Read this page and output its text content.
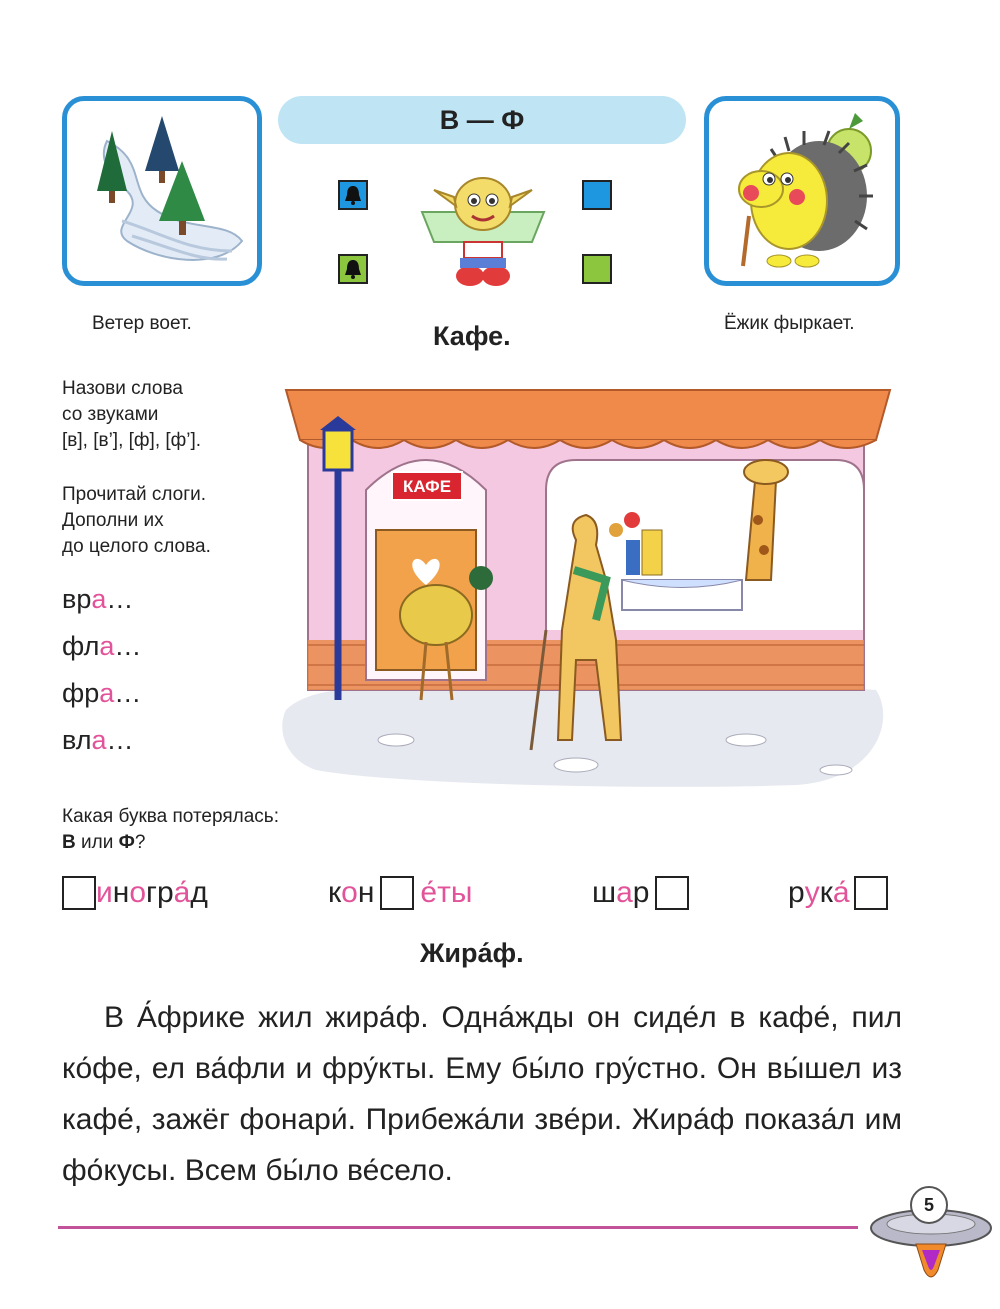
В — Ф
Ветер воет.	Ёжик фыркает.
Кафе.
Назови слова
со звуками
[в], [в’], [ф], [ф’].
Прочитай слоги.
Дополни их
до целого слова.
вра…
фла…
фра…
вла…
КАФЕ
Какая буква потерялась:
В или Ф?
и н о гр а́ д	к о н е́ ты	ш а р	р у к а́
Жира́ф.
В А́фрике жил жира́ф. Однáжды он сиде́л в кафе́, пил ко́фе, ел ва́фли и фру́кты. Ему бы́ло гру́стно. Он вы́шел из кафе́, зажёг фонари́. Прибежа́ли зве́ри. Жира́ф показа́л им фо́кусы. Всем бы́ло ве́село.
5
